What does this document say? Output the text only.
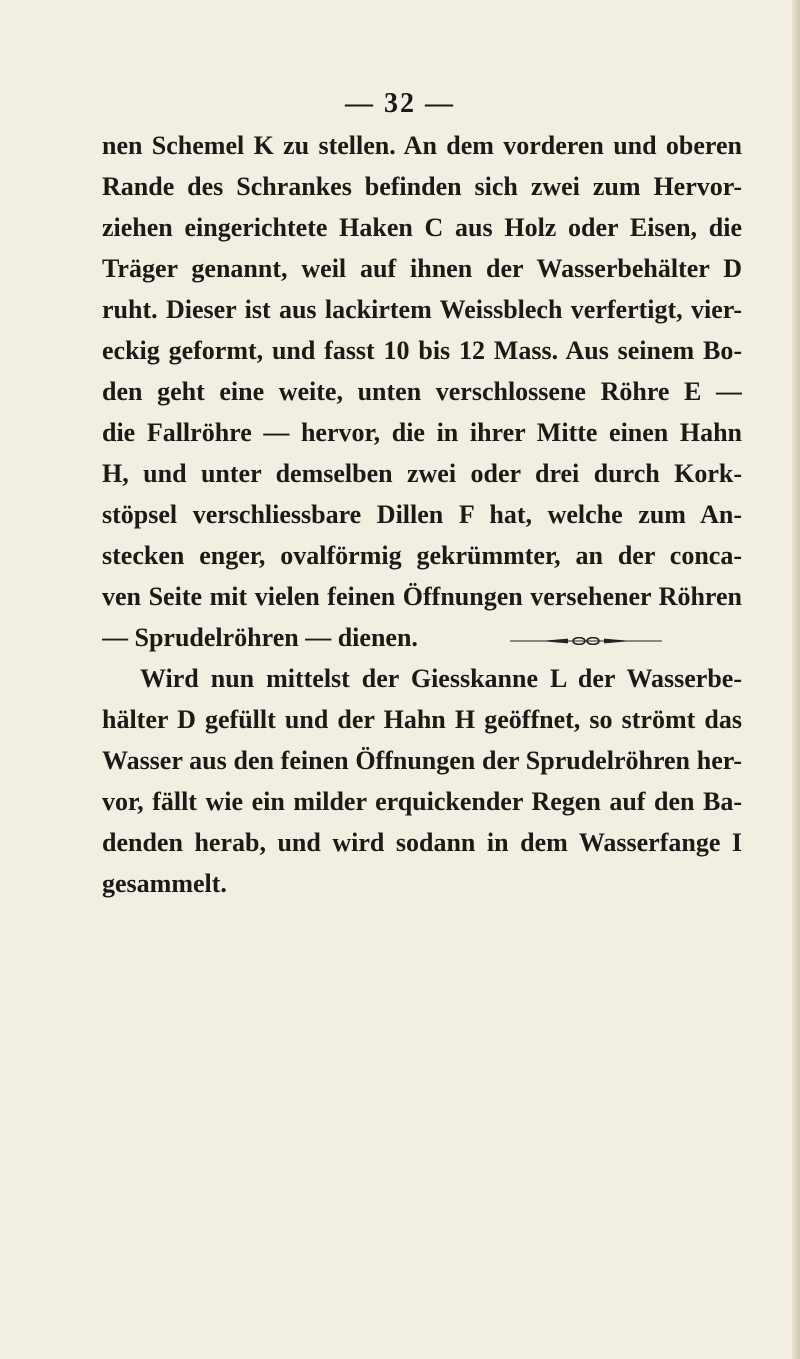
— 32 —
nen Schemel K zu stellen. An dem vorderen und oberen
Rande des Schrankes befinden sich zwei zum Hervor-
ziehen eingerichtete Haken C aus Holz oder Eisen, die
Träger genannt, weil auf ihnen der Wasserbehälter D
ruht. Dieser ist aus lackirtem Weissblech verfertigt, vier-
eckig geformt, und fasst 10 bis 12 Mass. Aus seinem Bo-
den geht eine weite, unten verschlossene Röhre E —
die Fallröhre — hervor, die in ihrer Mitte einen Hahn
H, und unter demselben zwei oder drei durch Kork-
stöpsel verschliessbare Dillen F hat, welche zum An-
stecken enger, ovalförmig gekrümmter, an der conca-
ven Seite mit vielen feinen Öffnungen versehener Röhren
— Sprudelröhren — dienen.
Wird nun mittelst der Giesskanne L der Wasserbe-
hälter D gefüllt und der Hahn H geöffnet, so strömt das
Wasser aus den feinen Öffnungen der Sprudelröhren her-
vor, fällt wie ein milder erquickender Regen auf den Ba-
denden herab, und wird sodann in dem Wasserfange I
gesammelt.
